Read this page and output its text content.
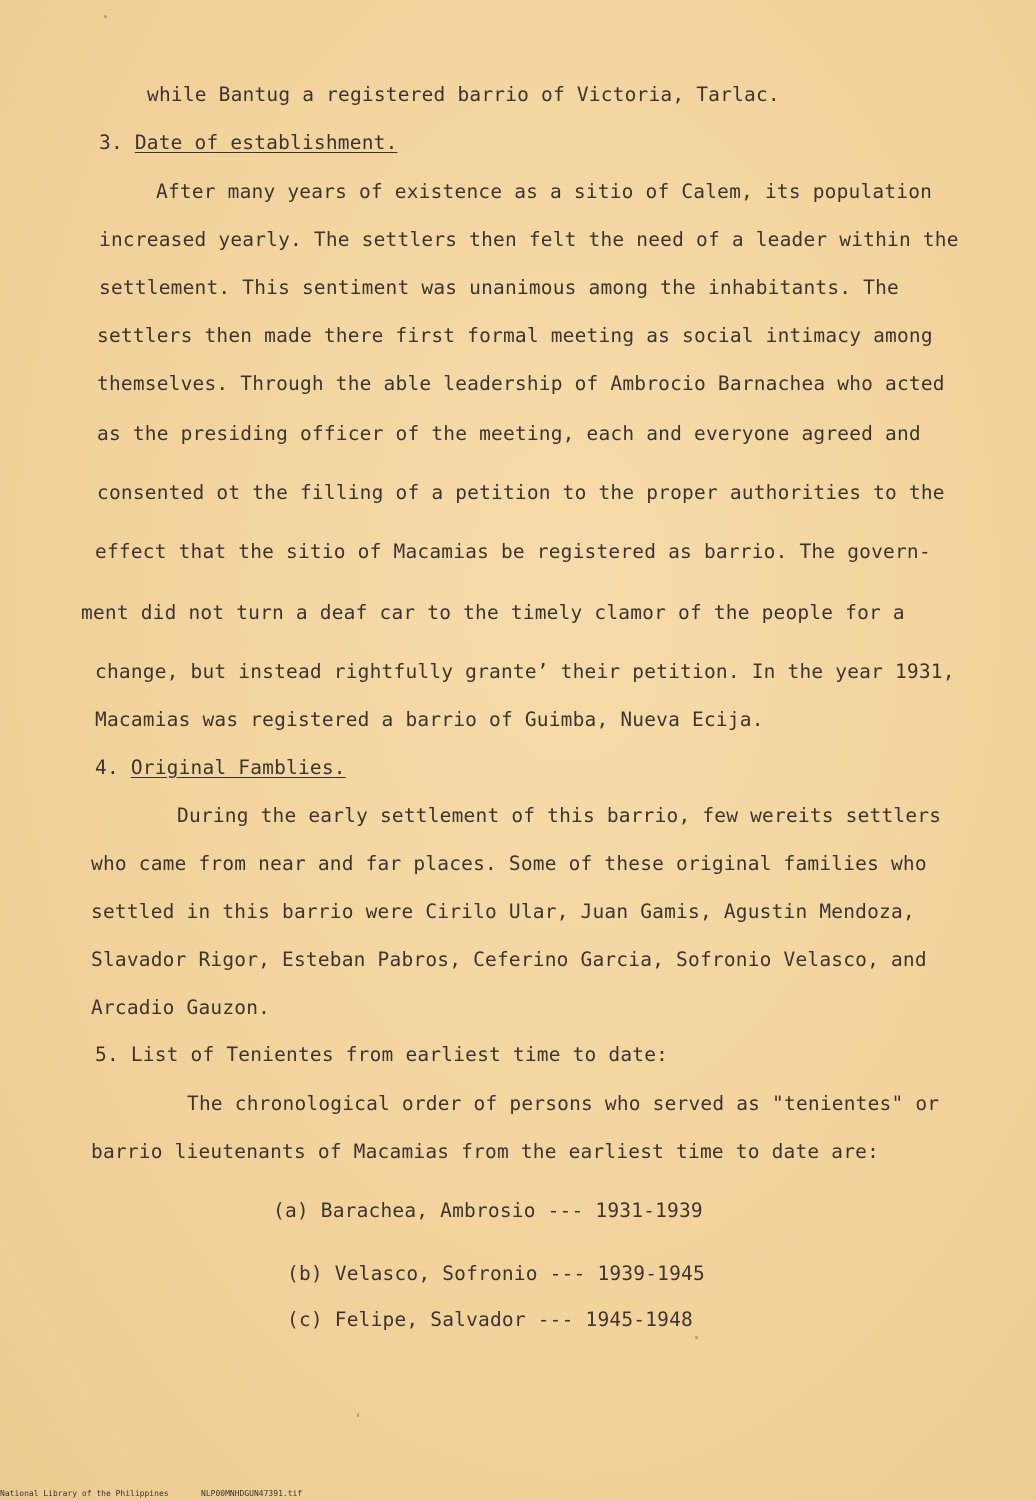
while Bantug a registered barrio of Victoria, Tarlac.
3. Date of establishment.
After many years of existence as a sitio of Calem, its population
increased yearly. The settlers then felt the need of a leader within the
settlement. This sentiment was unanimous among the inhabitants. The
settlers then made there first formal meeting as social intimacy among
themselves. Through the able leadership of Ambrocio Barnachea who acted
as the presiding officer of the meeting, each and everyone agreed and
consented ot the filling of a petition to the proper authorities to the
effect that the sitio of Macamias be registered as barrio. The govern-
ment did not turn a deaf car to the timely clamor of the people for a
change, but instead rightfully grante’ their petition. In the year 1931,
Macamias was registered a barrio of Guimba, Nueva Ecija.
4. Original Famblies.
During the early settlement of this barrio, few wereits settlers
who came from near and far places. Some of these original families who
settled in this barrio were Cirilo Ular, Juan Gamis, Agustin Mendoza,
Slavador Rigor, Esteban Pabros, Ceferino Garcia, Sofronio Velasco, and
Arcadio Gauzon.
5. List of Tenientes from earliest time to date:
The chronological order of persons who served as "tenientes" or
barrio lieutenants of Macamias from the earliest time to date are:
(a) Barachea, Ambrosio --- 1931-1939
(b) Velasco, Sofronio --- 1939-1945
(c) Felipe, Salvador --- 1945-1948
National Library of the Philippines	NLP00MNHDGUN47391.tif
